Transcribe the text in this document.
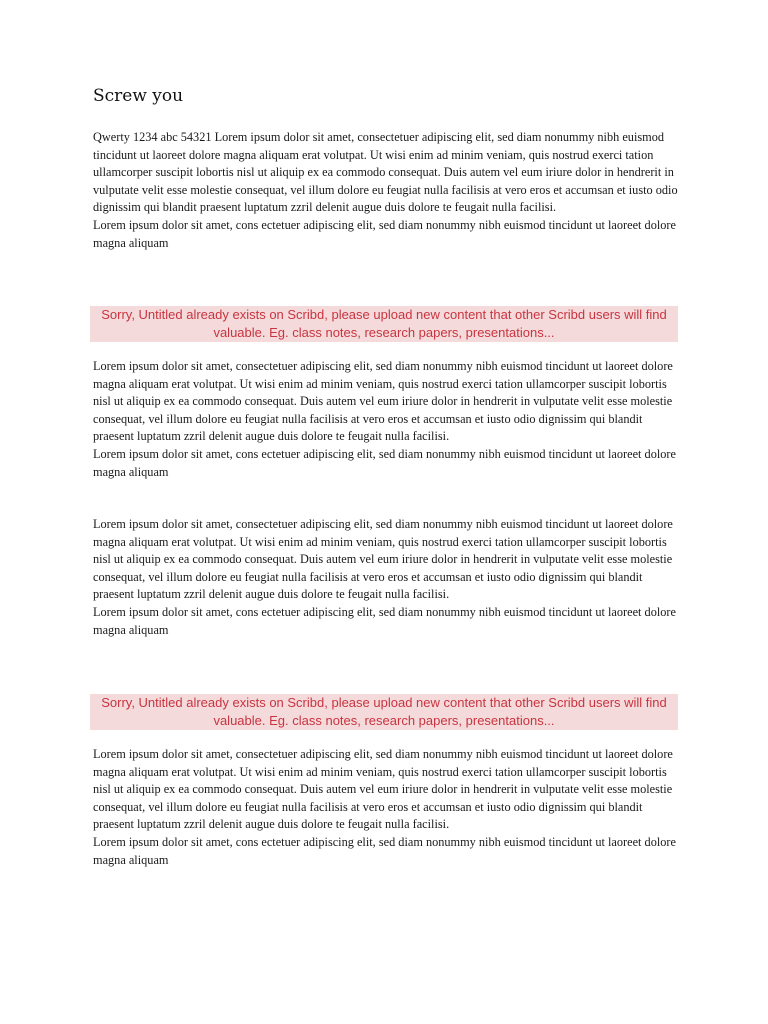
Screw you

Qwerty 1234 abc 54321 Lorem ipsum dolor sit amet, consectetuer adipiscing elit, sed diam nonummy nibh euismod tincidunt ut laoreet dolore magna aliquam erat volutpat. Ut wisi enim ad minim veniam, quis nostrud exerci tation ullamcorper suscipit lobortis nisl ut aliquip ex ea commodo consequat. Duis autem vel eum iriure dolor in hendrerit in vulputate velit esse molestie consequat, vel illum dolore eu feugiat nulla facilisis at vero eros et accumsan et iusto odio dignissim qui blandit praesent luptatum zzril delenit augue duis dolore te feugait nulla facilisi.

Lorem ipsum dolor sit amet, cons ectetuer adipiscing elit, sed diam nonummy nibh euismod tincidunt ut laoreet dolore magna aliquam

Sorry, Untitled already exists on Scribd, please upload new content that other Scribd users will find valuable. Eg. class notes, research papers, presentations...

Lorem ipsum dolor sit amet, consectetuer adipiscing elit, sed diam nonummy nibh euismod tincidunt ut laoreet dolore magna aliquam erat volutpat. Ut wisi enim ad minim veniam, quis nostrud exerci tation ullamcorper suscipit lobortis nisl ut aliquip ex ea commodo consequat. Duis autem vel eum iriure dolor in hendrerit in vulputate velit esse molestie consequat, vel illum dolore eu feugiat nulla facilisis at vero eros et accumsan et iusto odio dignissim qui blandit praesent luptatum zzril delenit augue duis dolore te feugait nulla facilisi.

Lorem ipsum dolor sit amet, cons ectetuer adipiscing elit, sed diam nonummy nibh euismod tincidunt ut laoreet dolore magna aliquam

Lorem ipsum dolor sit amet, consectetuer adipiscing elit, sed diam nonummy nibh euismod tincidunt ut laoreet dolore magna aliquam erat volutpat. Ut wisi enim ad minim veniam, quis nostrud exerci tation ullamcorper suscipit lobortis nisl ut aliquip ex ea commodo consequat. Duis autem vel eum iriure dolor in hendrerit in vulputate velit esse molestie consequat, vel illum dolore eu feugiat nulla facilisis at vero eros et accumsan et iusto odio dignissim qui blandit praesent luptatum zzril delenit augue duis dolore te feugait nulla facilisi.

Lorem ipsum dolor sit amet, cons ectetuer adipiscing elit, sed diam nonummy nibh euismod tincidunt ut laoreet dolore magna aliquam

Sorry, Untitled already exists on Scribd, please upload new content that other Scribd users will find valuable. Eg. class notes, research papers, presentations...

Lorem ipsum dolor sit amet, consectetuer adipiscing elit, sed diam nonummy nibh euismod tincidunt ut laoreet dolore magna aliquam erat volutpat. Ut wisi enim ad minim veniam, quis nostrud exerci tation ullamcorper suscipit lobortis nisl ut aliquip ex ea commodo consequat. Duis autem vel eum iriure dolor in hendrerit in vulputate velit esse molestie consequat, vel illum dolore eu feugiat nulla facilisis at vero eros et accumsan et iusto odio dignissim qui blandit praesent luptatum zzril delenit augue duis dolore te feugait nulla facilisi.

Lorem ipsum dolor sit amet, cons ectetuer adipiscing elit, sed diam nonummy nibh euismod tincidunt ut laoreet dolore magna aliquam
